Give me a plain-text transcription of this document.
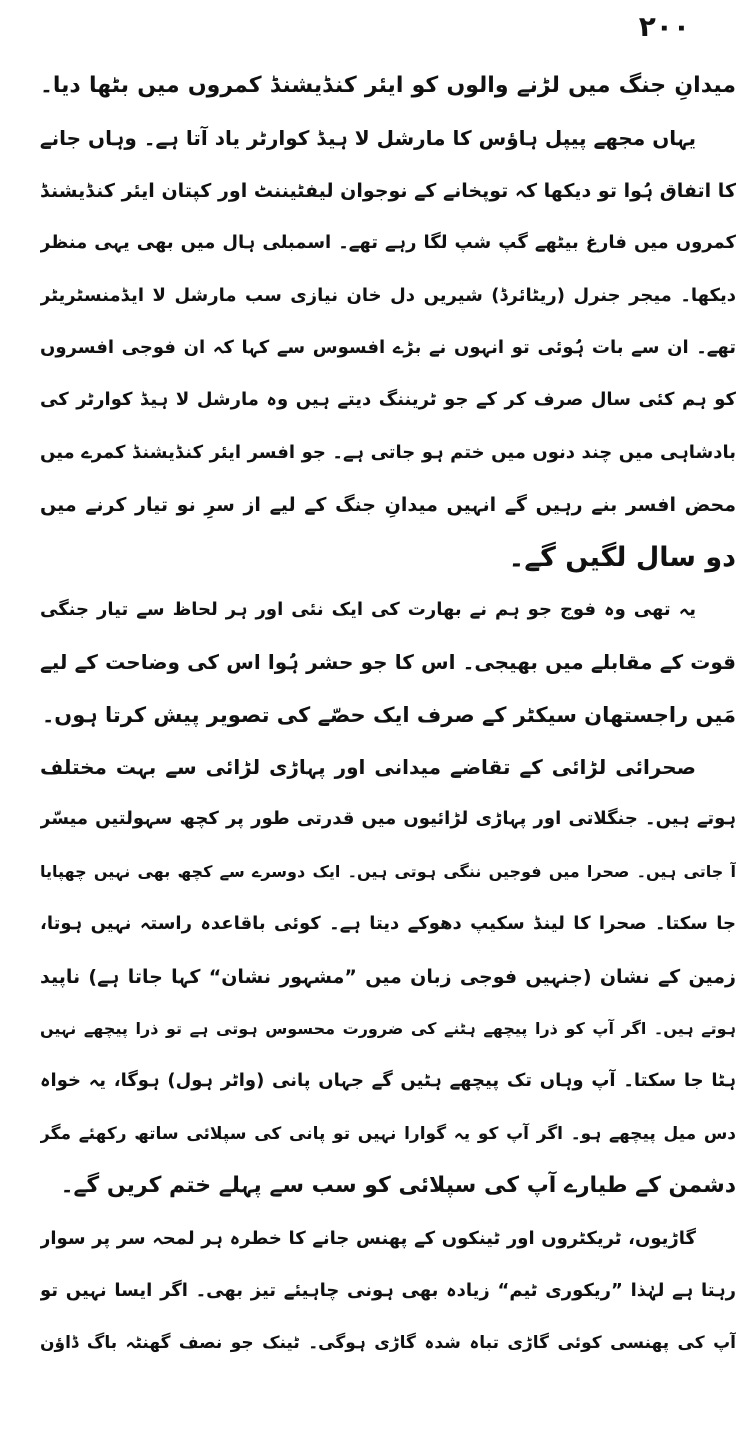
۲۰۰
میدانِ جنگ میں لڑنے والوں کو ایئر کنڈیشنڈ کمروں میں بٹھا دیا۔
یہاں مجھے پیپل ہاؤس کا مارشل لا ہیڈ کوارٹر یاد آتا ہے۔ وہاں جانے
کا اتفاق ہُوا تو دیکھا کہ توپخانے کے نوجوان لیفٹیننٹ اور کپتان ایئر کنڈیشنڈ
کمروں میں فارغ بیٹھے گپ شپ لگا رہے تھے۔ اسمبلی ہال میں بھی یہی منظر
دیکھا۔ میجر جنرل (ریٹائرڈ) شیریں دل خان نیازی سب مارشل لا ایڈمنسٹریٹر
تھے۔ ان سے بات ہُوئی تو انہوں نے بڑے افسوس سے کہا کہ ان فوجی افسروں
کو ہم کئی سال صرف کر کے جو ٹریننگ دیتے ہیں وہ مارشل لا ہیڈ کوارٹر کی
بادشاہی میں چند دنوں میں ختم ہو جاتی ہے۔ جو افسر ایئر کنڈیشنڈ کمرے میں
محض افسر بنے رہیں گے انہیں میدانِ جنگ کے لیے از سرِ نو تیار کرنے میں
دو سال لگیں گے۔
یہ تھی وہ فوج جو ہم نے بھارت کی ایک نئی اور ہر لحاظ سے تیار جنگی
قوت کے مقابلے میں بھیجی۔ اس کا جو حشر ہُوا اس کی وضاحت کے لیے
مَیں راجستھان سیکٹر کے صرف ایک حصّے کی تصویر پیش کرتا ہوں۔
صحرائی لڑائی کے تقاضے میدانی اور پہاڑی لڑائی سے بہت مختلف
ہوتے ہیں۔ جنگلاتی اور پہاڑی لڑائیوں میں قدرتی طور پر کچھ سہولتیں میسّر
آ جاتی ہیں۔ صحرا میں فوجیں ننگی ہوتی ہیں۔ ایک دوسرے سے کچھ بھی نہیں چھپایا
جا سکتا۔ صحرا کا لینڈ سکیپ دھوکے دیتا ہے۔ کوئی باقاعدہ راستہ نہیں ہوتا،
زمین کے نشان (جنہیں فوجی زبان میں ”مشہور نشان“ کہا جاتا ہے) ناپید
ہوتے ہیں۔ اگر آپ کو ذرا پیچھے ہٹنے کی ضرورت محسوس ہوتی ہے تو ذرا پیچھے نہیں
ہٹا جا سکتا۔ آپ وہاں تک پیچھے ہٹیں گے جہاں پانی (واٹر ہول) ہوگا، یہ خواہ
دس میل پیچھے ہو۔ اگر آپ کو یہ گوارا نہیں تو پانی کی سپلائی ساتھ رکھئے مگر
دشمن کے طیارے آپ کی سپلائی کو سب سے پہلے ختم کریں گے۔
گاڑیوں، ٹریکٹروں اور ٹینکوں کے پھنس جانے کا خطرہ ہر لمحہ سر پر سوار
رہتا ہے لہٰذا ”ریکوری ٹیم“ زیادہ بھی ہونی چاہیئے تیز بھی۔ اگر ایسا نہیں تو
آپ کی پھنسی کوئی گاڑی تباہ شدہ گاڑی ہوگی۔ ٹینک جو نصف گھنٹہ باگ ڈاؤن
